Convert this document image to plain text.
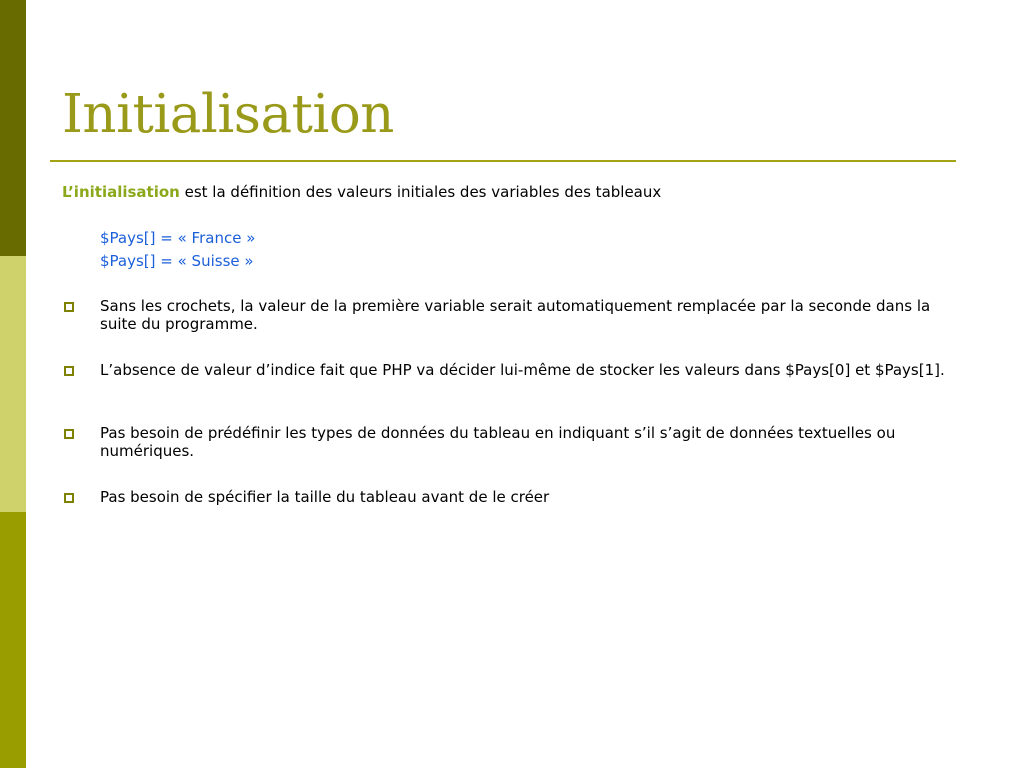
Initialisation
L’initialisation est la définition des valeurs initiales des variables des tableaux
$Pays[] = « France »
$Pays[] = « Suisse »
Sans les crochets, la valeur de la première variable serait automatiquement remplacée par la seconde dans la suite du programme.
L’absence de valeur d’indice fait que PHP va décider lui-même de stocker les valeurs dans $Pays[0] et $Pays[1].
Pas besoin de prédéfinir les types de données du tableau en indiquant s’il s’agit de données textuelles ou numériques.
Pas besoin de spécifier la taille du tableau avant de le créer
